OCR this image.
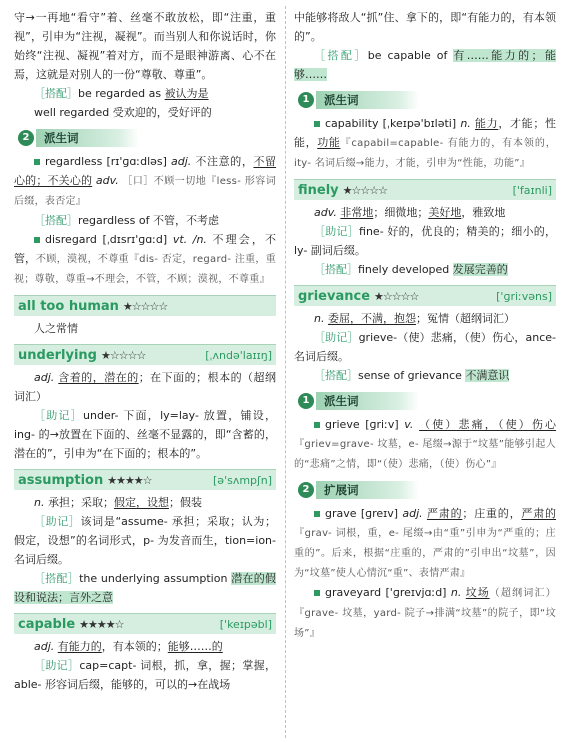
守→一再地“看守”着、丝毫不敢放松，即“注重，重视”，引申为“注视，凝视”。而当别人和你说话时，你始终“注视、凝视”着对方，而不是眼神游离、心不在焉，这就是对别人的一份“尊敬、尊重”。

［搭配］be regarded as 被认为是

well regarded 受欢迎的，受好评的

2	派生词

regardless [rɪ'ɡɑːdləs] adj. 不注意的，不留心的；不关心的 adv. ［口］不顾一切地『less- 形容词后缀，表否定』

［搭配］regardless of 不管，不考虑

disregard [ˌdɪsrɪ'ɡɑːd] vt. /n. 不理会，不管，不顾，漠视，不尊重『dis- 否定，regard- 注重，重视；尊敬，尊重→不理会，不管，不顾；漠视，不尊重』

all too human ★☆☆☆☆

人之常情

underlying ★☆☆☆☆	[ˌʌndə'laɪɪŋ]

adj. 含着的，潜在的；在下面的；根本的（超纲词汇）

［助记］under- 下面，ly=lay- 放置，铺设，ing- 的→放置在下面的、丝毫不显露的，即“含蓄的，潜在的”，引申为“在下面的；根本的”。

assumption ★★★★☆	[ə'sʌmpʃn]

n. 承担；采取；假定，设想；假装

［助记］该词是“assume- 承担；采取；认为；假定，设想”的名词形式，p- 为发音而生，tion=ion- 名词后缀。

［搭配］the underlying assumption 潜在的假设和说法；言外之意

capable ★★★★☆	['keɪpəbl]

adj. 有能力的，有本领的；能够……的

［助记］cap=capt- 词根，抓，拿，握；掌握，able- 形容词后缀，能够的，可以的→在战场

中能够将敌人“抓”住、拿下的，即“有能力的，有本领的”。

［搭配］be capable of 有……能力的；能够……

1	派生词

capability [ˌkeɪpə'bɪləti] n. 能力，才能；性能，功能『capabil=capable- 有能力的，有本领的，ity- 名词后缀→能力，才能，引申为“性能，功能”』

finely ★☆☆☆☆	['faɪnli]

adv. 非常地；细微地；美好地，雅致地

［助记］fine- 好的，优良的；精美的；细小的，ly- 副词后缀。

［搭配］finely developed 发展完善的

grievance ★☆☆☆☆	['ɡriːvəns]

n. 委屈，不满，抱怨；冤情（超纲词汇）

［助记］grieve-（使）悲痛，（使）伤心，ance- 名词后缀。

［搭配］sense of grievance 不满意识

1	派生词

grieve [ɡriːv] v. （使）悲痛，（使）伤心『griev=grave- 坟墓，e- 尾缀→源于“坟墓”能够引起人的“悲痛”之情，即“（使）悲痛，（使）伤心”』

2	扩展词

grave [ɡreɪv] adj. 严肃的；庄重的，严肃的『grav- 词根，重，e- 尾缀→由“重”引申为“严重的；庄重的”。后来，根据“庄重的，严肃的”引申出“坟墓”，因为“坟墓”使人心情沉“重”、表情严肃』

graveyard ['ɡreɪvjɑːd] n. 坟场（超纲词汇）『grave- 坟墓，yard- 院子→排满“坟墓”的院子，即“坟场”』
